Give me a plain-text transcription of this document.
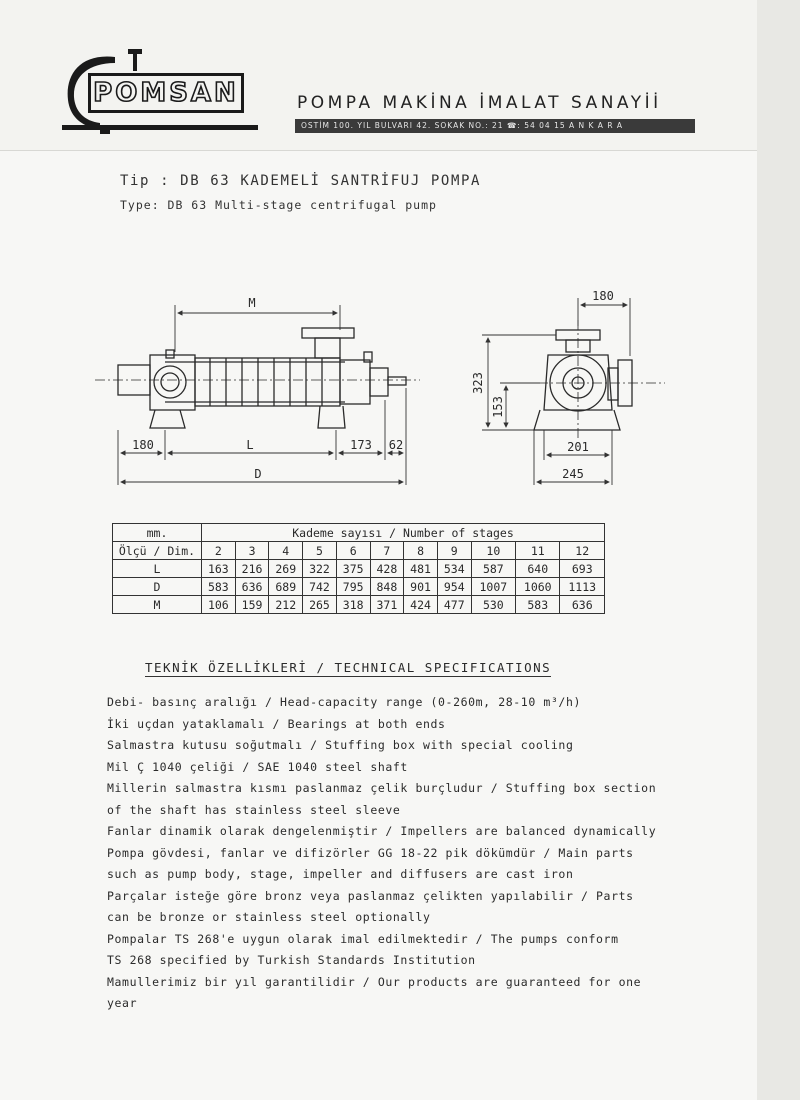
POMSAN	POMPA MAKİNA İMALAT SANAYİİ
OSTİM 100. YIL BULVARI 42. SOKAK NO.: 21 ☎: 54 04 15 A N K A R A
Tip : DB 63 KADEMELİ SANTRİFUJ POMPA
Type: DB 63 Multi-stage centrifugal pump
M
180	L	173 62
D
180
323
153
201
245
mm.	Kademe sayısı / Number of stages										
Ölçü / Dim.	2	3	4	5	6	7	8	9	10	11	12
L	163	216	269	322	375	428	481	534	587	640	693
D	583	636	689	742	795	848	901	954	1007	1060	1113
M	106	159	212	265	318	371	424	477	530	583	636
TEKNİK ÖZELLİKLERİ / TECHNICAL SPECIFICATIONS
Debi- basınç aralığı / Head-capacity range (0-260m, 28-10 m³/h)
İki uçdan yataklamalı / Bearings at both ends
Salmastra kutusu soğutmalı / Stuffing box with special cooling
Mil Ç 1040 çeliği / SAE 1040 steel shaft
Millerin salmastra kısmı paslanmaz çelik burçludur / Stuffing box section
of the shaft has stainless steel sleeve
Fanlar dinamik olarak dengelenmiştir / Impellers are balanced dynamically
Pompa gövdesi, fanlar ve difizörler GG 18-22 pik dökümdür / Main parts
such as pump body, stage, impeller and diffusers are cast iron
Parçalar isteğe göre bronz veya paslanmaz çelikten yapılabilir / Parts
can be bronze or stainless steel optionally
Pompalar TS 268'e uygun olarak imal edilmektedir / The pumps conform
TS 268 specified by Turkish Standards Institution
Mamullerimiz bir yıl garantilidir / Our products are guaranteed for one
year
